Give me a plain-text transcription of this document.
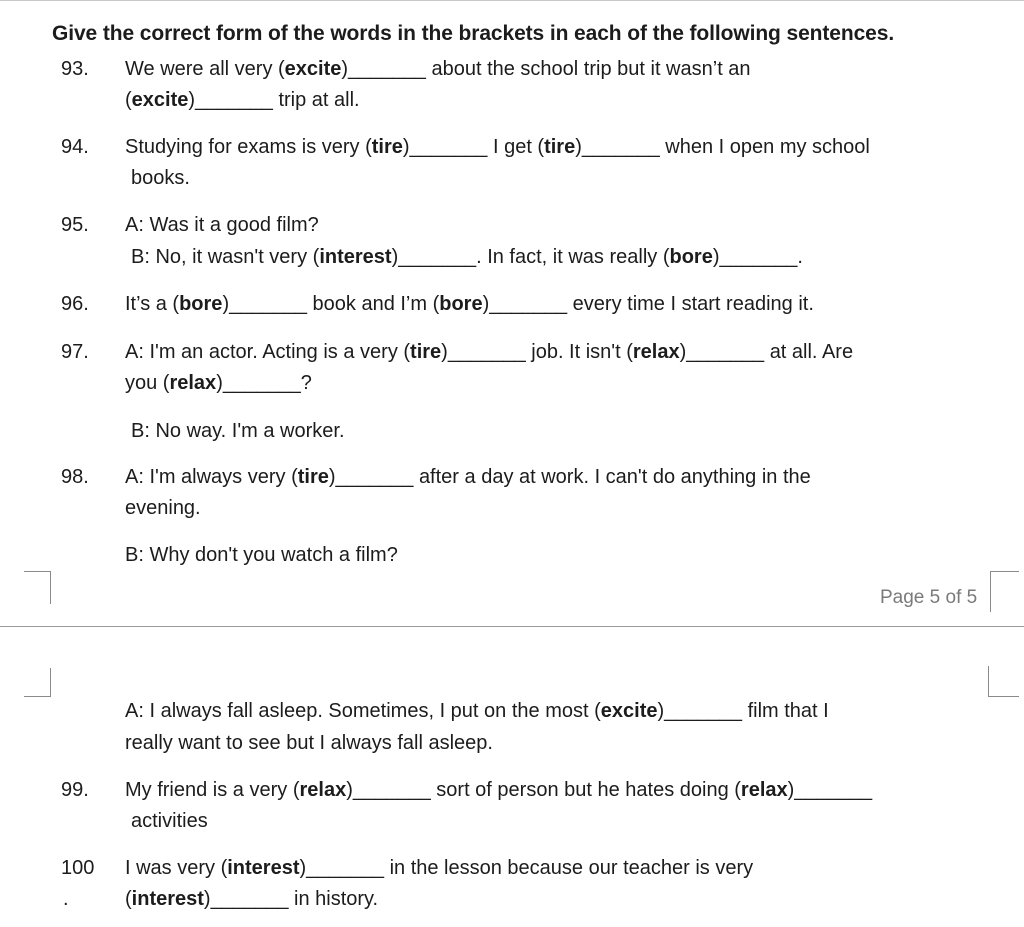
Give the correct form of the words in the brackets in each of the following sentences.
93. We were all very (excite)_______ about the school trip but it wasn’t an
(excite)_______ trip at all.
94. Studying for exams is very (tire)_______ I get (tire)_______ when I open my school
books.
95. A: Was it a good film?
B: No, it wasn't very (interest)_______. In fact, it was really (bore)_______.
96. It’s a (bore)_______ book and I’m (bore)_______ every time I start reading it.
97. A: I'm an actor. Acting is a very (tire)_______ job. It isn't (relax)_______ at all. Are
you (relax)_______?
B: No way. I'm a worker.
98. A: I'm always very (tire)_______ after a day at work. I can't do anything in the
evening.
B: Why don't you watch a film?
Page 5 of 5
A: I always fall asleep. Sometimes, I put on the most (excite)_______ film that I
really want to see but I always fall asleep.
99. My friend is a very (relax)_______ sort of person but he hates doing (relax)_______
activities
100
.
I was very (interest)_______ in the lesson because our teacher is very
(interest)_______ in history.
